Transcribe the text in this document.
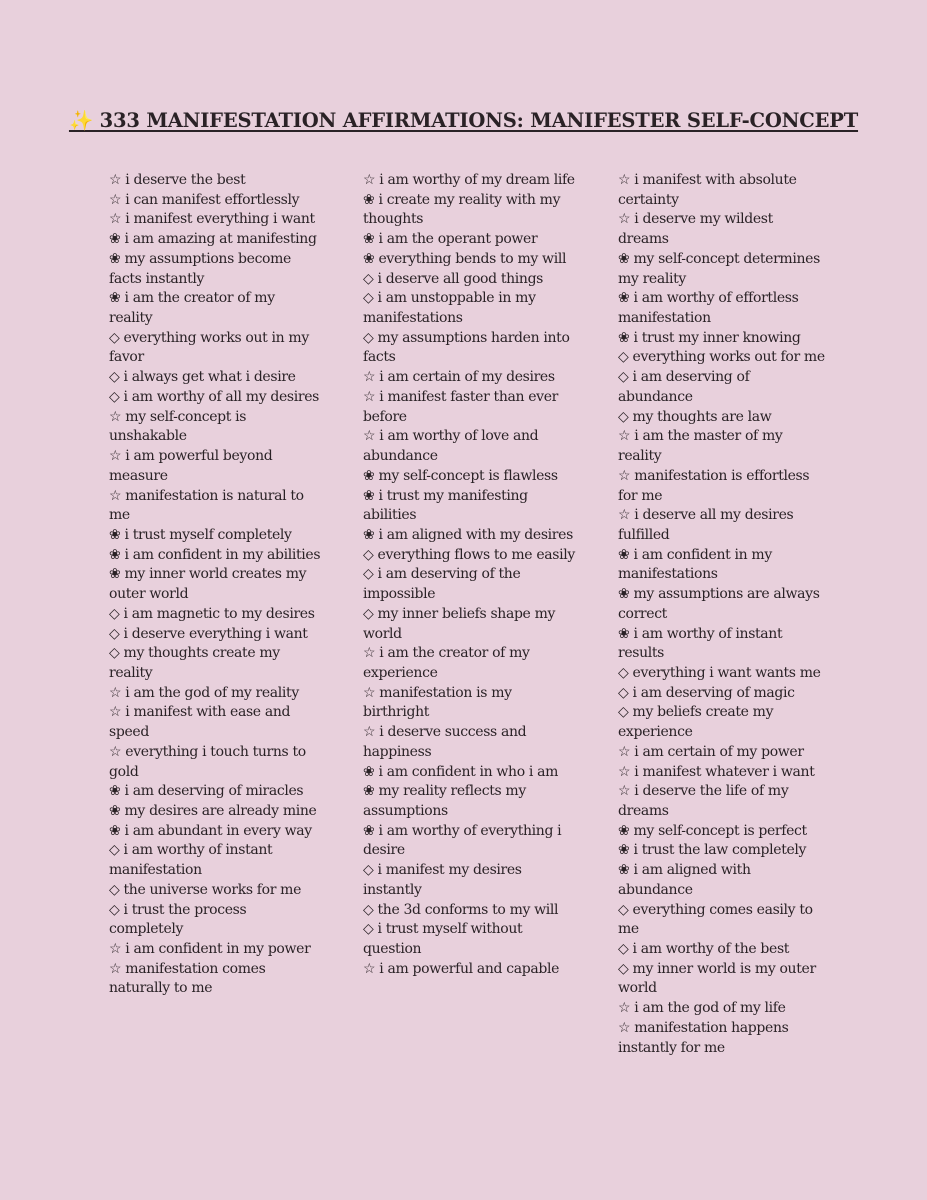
✨ 333 MANIFESTATION AFFIRMATIONS: MANIFESTER SELF-CONCEPT
☆ i deserve the best
☆ i can manifest effortlessly
☆ i manifest everything i want
❀ i am amazing at manifesting
❀ my assumptions become facts instantly
❀ i am the creator of my reality
◇ everything works out in my favor
◇ i always get what i desire
◇ i am worthy of all my desires
☆ my self-concept is unshakable
☆ i am powerful beyond measure
☆ manifestation is natural to me
❀ i trust myself completely
❀ i am confident in my abilities
❀ my inner world creates my outer world
◇ i am magnetic to my desires
◇ i deserve everything i want
◇ my thoughts create my reality
☆ i am the god of my reality
☆ i manifest with ease and speed
☆ everything i touch turns to gold
❀ i am deserving of miracles
❀ my desires are already mine
❀ i am abundant in every way
◇ i am worthy of instant manifestation
◇ the universe works for me
◇ i trust the process completely
☆ i am confident in my power
☆ manifestation comes naturally to me
☆ i am worthy of my dream life
❀ i create my reality with my thoughts
❀ i am the operant power
❀ everything bends to my will
◇ i deserve all good things
◇ i am unstoppable in my manifestations
◇ my assumptions harden into facts
☆ i am certain of my desires
☆ i manifest faster than ever before
☆ i am worthy of love and abundance
❀ my self-concept is flawless
❀ i trust my manifesting abilities
❀ i am aligned with my desires
◇ everything flows to me easily
◇ i am deserving of the impossible
◇ my inner beliefs shape my world
☆ i am the creator of my experience
☆ manifestation is my birthright
☆ i deserve success and happiness
❀ i am confident in who i am
❀ my reality reflects my assumptions
❀ i am worthy of everything i desire
◇ i manifest my desires instantly
◇ the 3d conforms to my will
◇ i trust myself without question
☆ i am powerful and capable
☆ i manifest with absolute certainty
☆ i deserve my wildest dreams
❀ my self-concept determines my reality
❀ i am worthy of effortless manifestation
❀ i trust my inner knowing
◇ everything works out for me
◇ i am deserving of abundance
◇ my thoughts are law
☆ i am the master of my reality
☆ manifestation is effortless for me
☆ i deserve all my desires fulfilled
❀ i am confident in my manifestations
❀ my assumptions are always correct
❀ i am worthy of instant results
◇ everything i want wants me
◇ i am deserving of magic
◇ my beliefs create my experience
☆ i am certain of my power
☆ i manifest whatever i want
☆ i deserve the life of my dreams
❀ my self-concept is perfect
❀ i trust the law completely
❀ i am aligned with abundance
◇ everything comes easily to me
◇ i am worthy of the best
◇ my inner world is my outer world
☆ i am the god of my life
☆ manifestation happens instantly for me
